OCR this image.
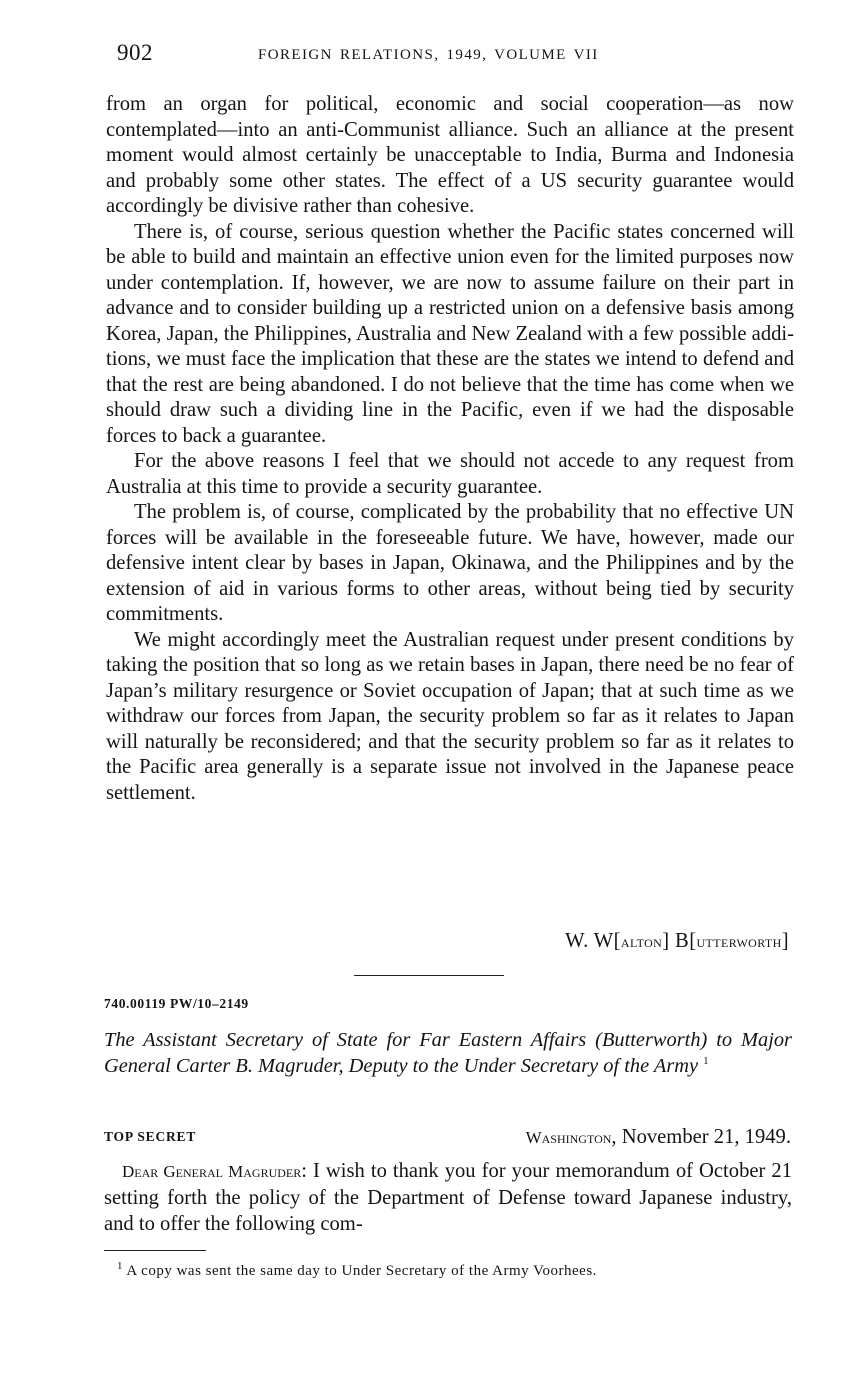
902	FOREIGN RELATIONS, 1949, VOLUME VII

from an organ for political, economic and social cooperation—as now contemplated—into an anti-Communist alliance. Such an alliance at the present moment would almost certainly be unacceptable to India, Burma and Indonesia and probably some other states. The effect of a US security guarantee would accordingly be divisive rather than cohesive.

There is, of course, serious question whether the Pacific states concerned will be able to build and maintain an effective union even for the limited purposes now under contemplation. If, however, we are now to assume failure on their part in advance and to consider building up a restricted union on a defensive basis among Korea, Japan, the Philippines, Australia and New Zealand with a few possible additions, we must face the implication that these are the states we intend to defend and that the rest are being abandoned. I do not believe that the time has come when we should draw such a dividing line in the Pacific, even if we had the disposable forces to back a guarantee.

For the above reasons I feel that we should not accede to any request from Australia at this time to provide a security guarantee.

The problem is, of course, complicated by the probability that no effective UN forces will be available in the foreseeable future. We have, however, made our defensive intent clear by bases in Japan, Okinawa, and the Philippines and by the extension of aid in various forms to other areas, without being tied by security commitments.

We might accordingly meet the Australian request under present conditions by taking the position that so long as we retain bases in Japan, there need be no fear of Japan’s military resurgence or Soviet occupation of Japan; that at such time as we withdraw our forces from Japan, the security problem so far as it relates to Japan will naturally be reconsidered; and that the security problem so far as it relates to the Pacific area generally is a separate issue not involved in the Japanese peace settlement.

W. W[alton] B[utterworth]
740.00119 PW/10–2149
The Assistant Secretary of State for Far Eastern Affairs (Butterworth) to Major General Carter B. Magruder, Deputy to the Under Secretary of the Army $^1$
TOP SECRET	Washington, November 21, 1949.

Dear General Magruder: I wish to thank you for your memorandum of October 21 setting forth the policy of the Department of Defense toward Japanese industry, and to offer the following com-

$^1$ A copy was sent the same day to Under Secretary of the Army Voorhees.
